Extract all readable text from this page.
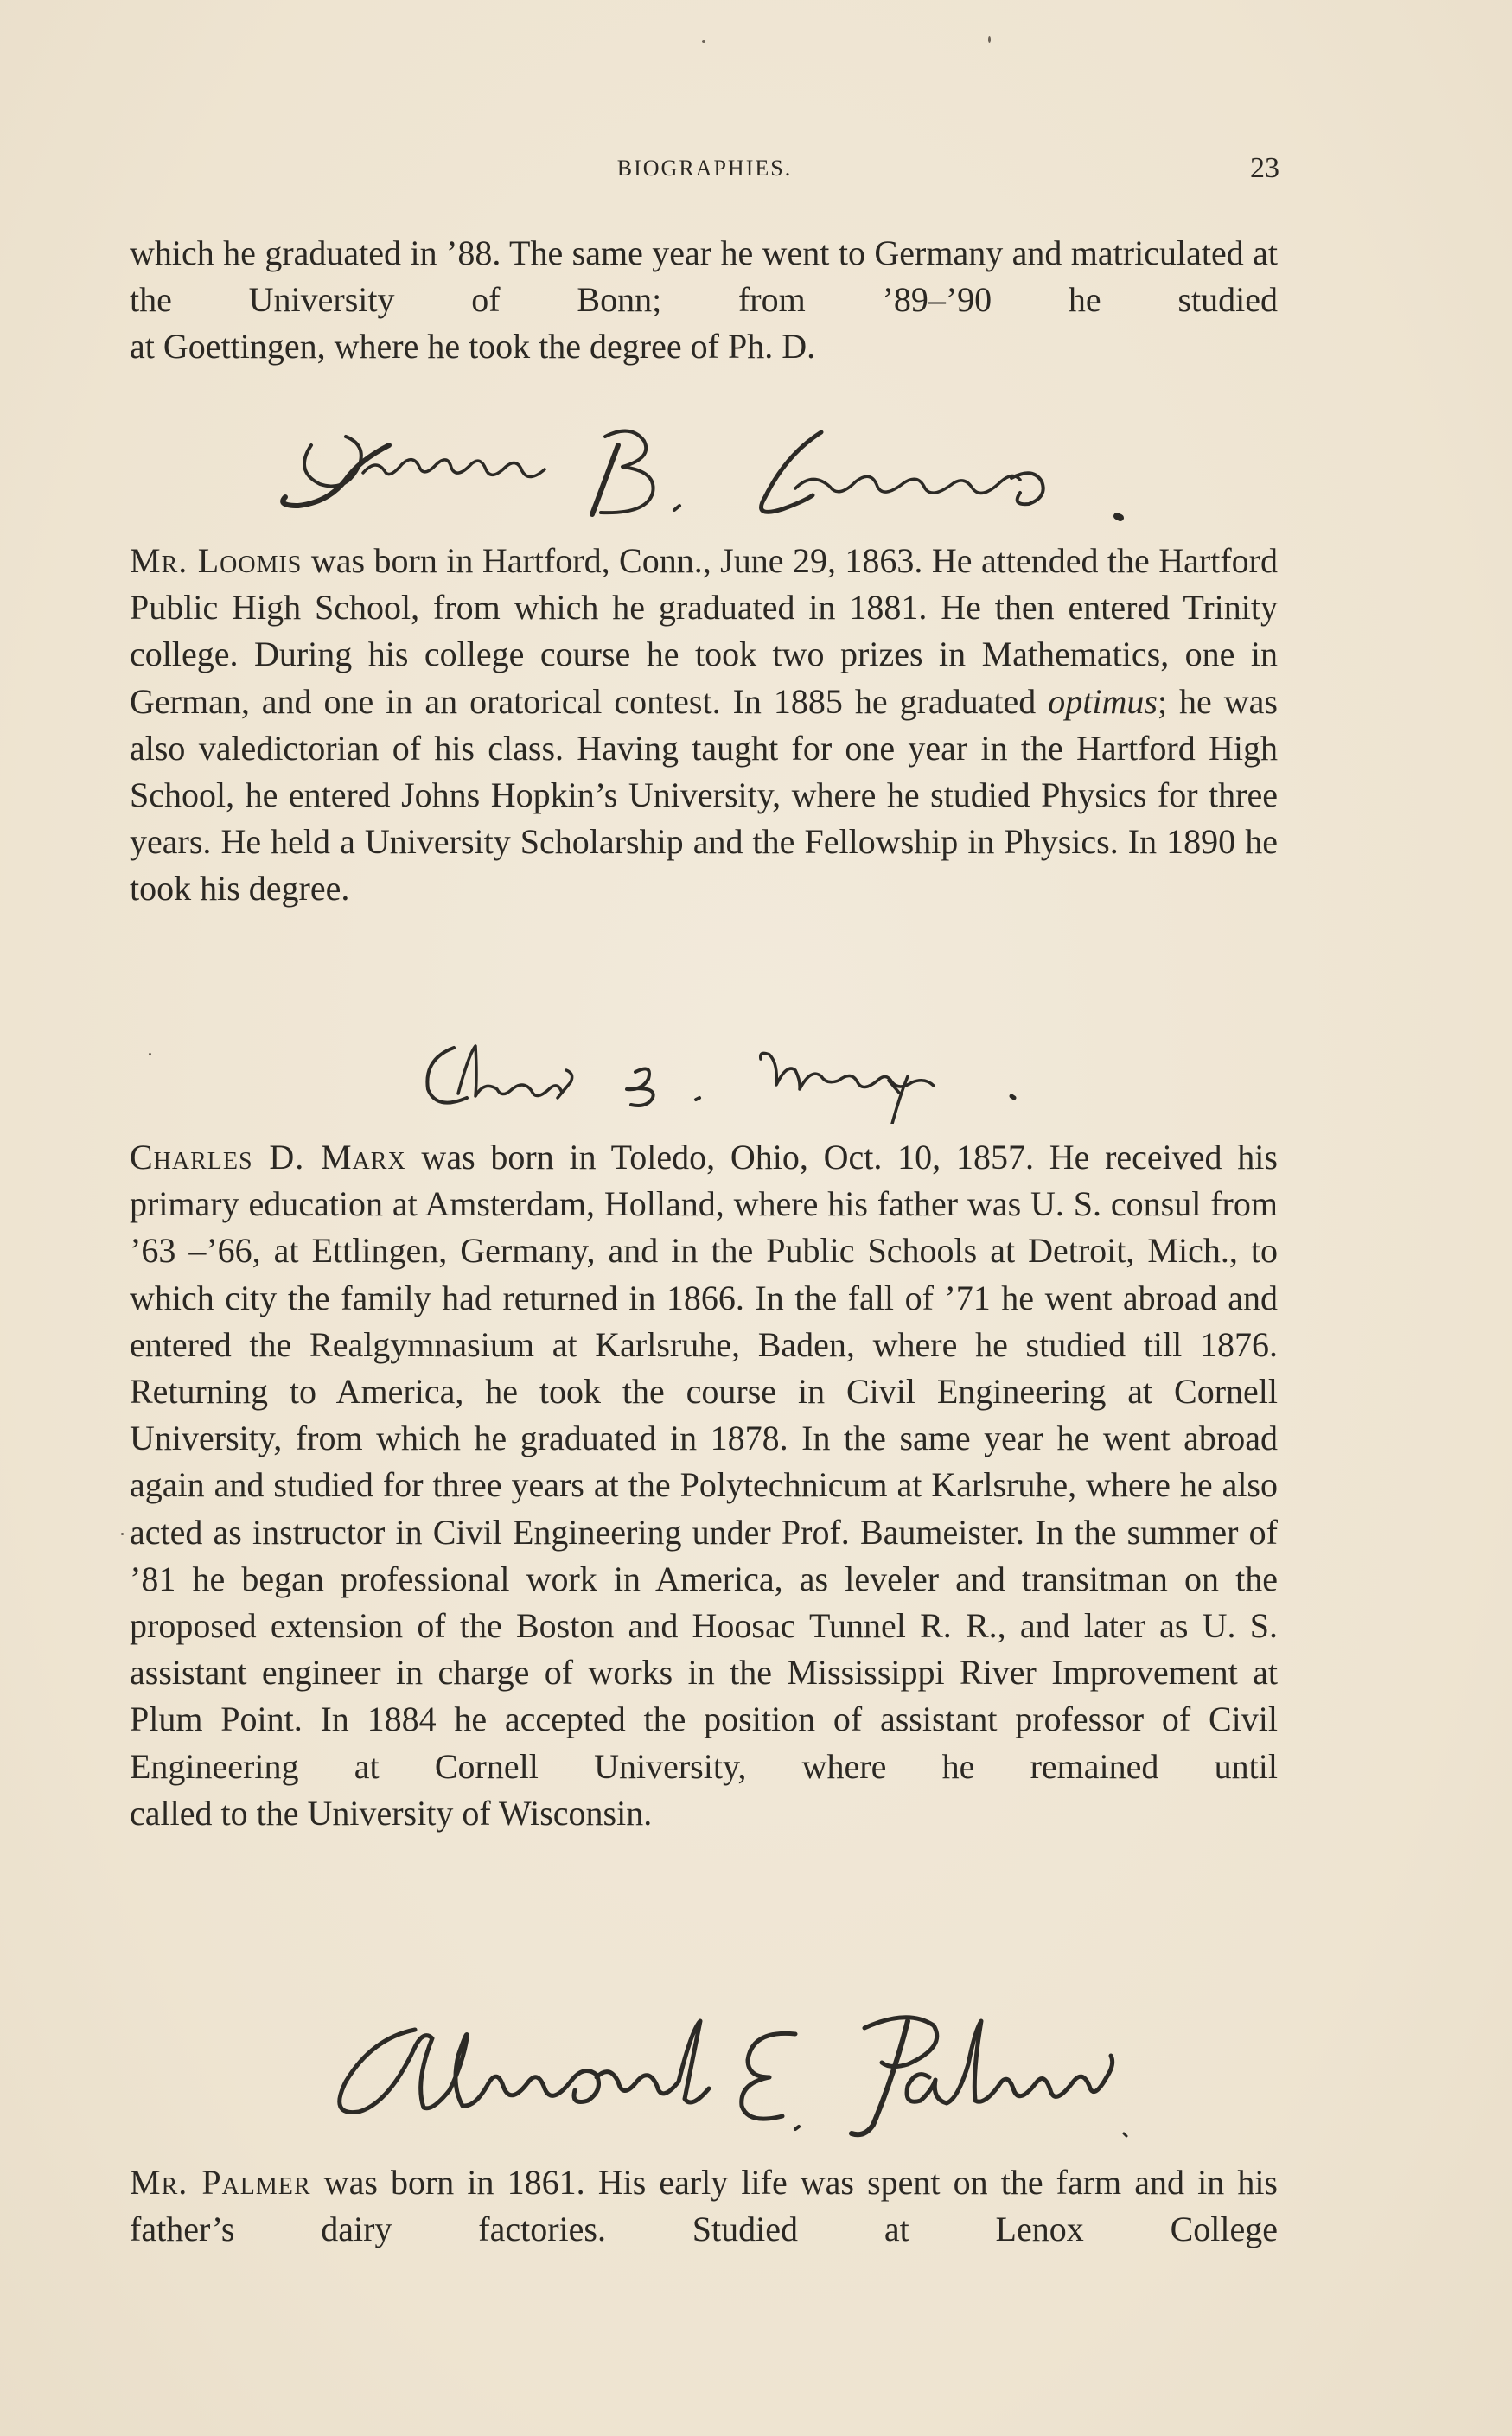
BIOGRAPHIES.	23

which he graduated in ’88. The same year he went to Germany and matriculated at the University of Bonn; from ’89–’90 he studied
at Goettingen, where he took the degree of Ph. D.

Mr. Loomis was born in Hartford, Conn., June 29, 1863. He attended the Hartford Public High School, from which he graduated in 1881. He then entered Trinity college. During his college course he took two prizes in Mathematics, one in German, and one in an oratorical contest. In 1885 he graduated optimus; he was also valedictorian of his class. Having taught for one year in the Hartford High School, he entered Johns Hopkin’s University, where he studied Physics for three years. He held a University Scholarship and the Fellowship in Physics. In 1890 he
took his degree.

Charles D. Marx was born in Toledo, Ohio, Oct. 10, 1857. He received his primary education at Amsterdam, Holland, where his father was U. S. consul from ’63 –’66, at Ettlingen, Germany, and in the Public Schools at Detroit, Mich., to which city the family had returned in 1866. In the fall of ’71 he went abroad and entered the Realgymnasium at Karlsruhe, Baden, where he studied till 1876. Returning to America, he took the course in Civil Engineering at Cornell University, from which he graduated in 1878. In the same year he went abroad again and studied for three years at the Polytechnicum at Karlsruhe, where he also acted as instructor in Civil Engineering under Prof. Baumeister. In the summer of ’81 he began professional work in America, as leveler and transitman on the proposed extension of the Boston and Hoosac Tunnel R. R., and later as U. S. assistant engineer in charge of works in the Mississippi River Improvement at Plum Point. In 1884 he accepted the position of assistant professor of Civil Engineering at Cornell University, where he remained until
called to the University of Wisconsin.

Mr. Palmer was born in 1861. His early life was spent on the farm and in his father’s dairy factories. Studied at Lenox College
